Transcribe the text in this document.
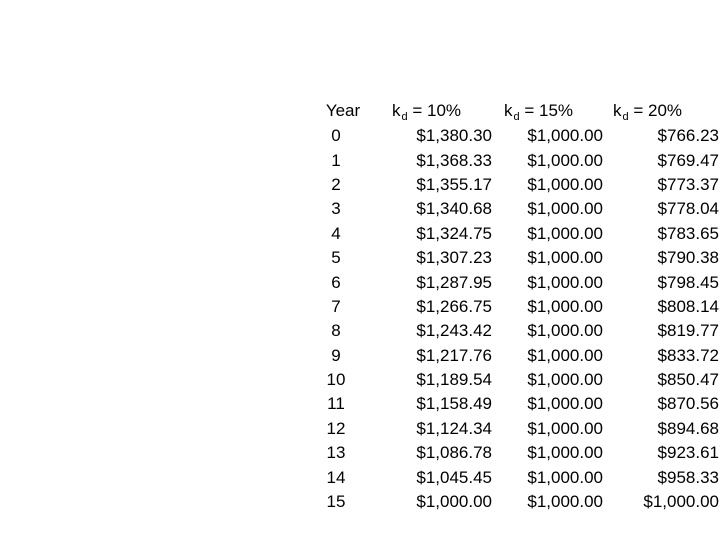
Year	$k_d = 10\%$	$k_d = 15\%$	$k_d = 20\%$
0	$1,380.30	$1,000.00	$766.23
1	$1,368.33	$1,000.00	$769.47
2	$1,355.17	$1,000.00	$773.37
3	$1,340.68	$1,000.00	$778.04
4	$1,324.75	$1,000.00	$783.65
5	$1,307.23	$1,000.00	$790.38
6	$1,287.95	$1,000.00	$798.45
7	$1,266.75	$1,000.00	$808.14
8	$1,243.42	$1,000.00	$819.77
9	$1,217.76	$1,000.00	$833.72
10	$1,189.54	$1,000.00	$850.47
11	$1,158.49	$1,000.00	$870.56
12	$1,124.34	$1,000.00	$894.68
13	$1,086.78	$1,000.00	$923.61
14	$1,045.45	$1,000.00	$958.33
15	$1,000.00	$1,000.00	$1,000.00
